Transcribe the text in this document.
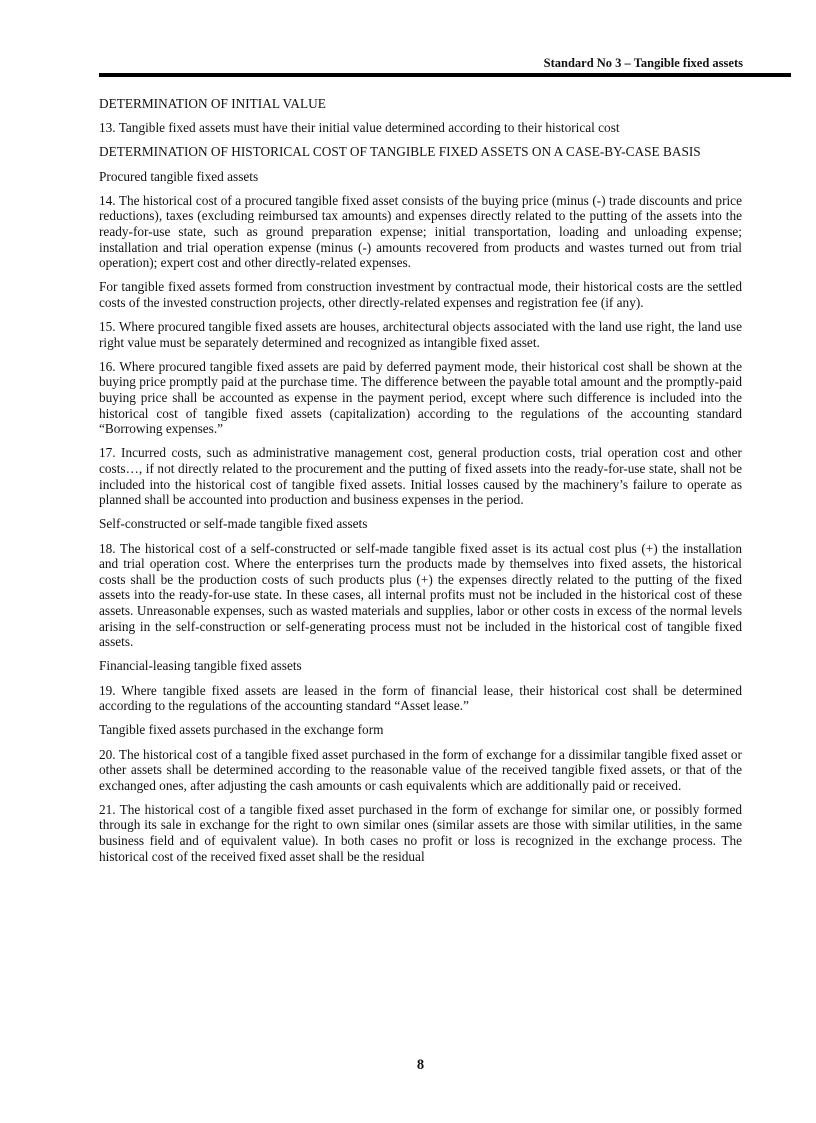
Standard No 3 – Tangible fixed assets

DETERMINATION OF INITIAL VALUE

13. Tangible fixed assets must have their initial value determined according to their historical cost

DETERMINATION OF HISTORICAL COST OF TANGIBLE FIXED ASSETS ON A CASE-BY-CASE BASIS

Procured tangible fixed assets

14. The historical cost of a procured tangible fixed asset consists of the buying price (minus (-) trade discounts and price reductions), taxes (excluding reimbursed tax amounts) and expenses directly related to the putting of the assets into the ready-for-use state, such as ground preparation expense; initial transportation, loading and unloading expense; installation and trial operation expense (minus (-) amounts recovered from products and wastes turned out from trial operation); expert cost and other directly-related expenses.

For tangible fixed assets formed from construction investment by contractual mode, their historical costs are the settled costs of the invested construction projects, other directly-related expenses and registration fee (if any).

15. Where procured tangible fixed assets are houses, architectural objects associated with the land use right, the land use right value must be separately determined and recognized as intangible fixed asset.

16. Where procured tangible fixed assets are paid by deferred payment mode, their historical cost shall be shown at the buying price promptly paid at the purchase time. The difference between the payable total amount and the promptly-paid buying price shall be accounted as expense in the payment period, except where such difference is included into the historical cost of tangible fixed assets (capitalization) according to the regulations of the accounting standard “Borrowing expenses.”

17. Incurred costs, such as administrative management cost, general production costs, trial operation cost and other costs…, if not directly related to the procurement and the putting of fixed assets into the ready-for-use state, shall not be included into the historical cost of tangible fixed assets. Initial losses caused by the machinery’s failure to operate as planned shall be accounted into production and business expenses in the period.

Self-constructed or self-made tangible fixed assets

18. The historical cost of a self-constructed or self-made tangible fixed asset is its actual cost plus (+) the installation and trial operation cost. Where the enterprises turn the products made by themselves into fixed assets, the historical costs shall be the production costs of such products plus (+) the expenses directly related to the putting of the fixed assets into the ready-for-use state. In these cases, all internal profits must not be included in the historical cost of these assets. Unreasonable expenses, such as wasted materials and supplies, labor or other costs in excess of the normal levels arising in the self-construction or self-generating process must not be included in the historical cost of tangible fixed assets.

Financial-leasing tangible fixed assets

19. Where tangible fixed assets are leased in the form of financial lease, their historical cost shall be determined according to the regulations of the accounting standard “Asset lease.”

Tangible fixed assets purchased in the exchange form

20. The historical cost of a tangible fixed asset purchased in the form of exchange for a dissimilar tangible fixed asset or other assets shall be determined according to the reasonable value of the received tangible fixed assets, or that of the exchanged ones, after adjusting the cash amounts or cash equivalents which are additionally paid or received.

21. The historical cost of a tangible fixed asset purchased in the form of exchange for similar one, or possibly formed through its sale in exchange for the right to own similar ones (similar assets are those with similar utilities, in the same business field and of equivalent value). In both cases no profit or loss is recognized in the exchange process. The historical cost of the received fixed asset shall be the residual

8
